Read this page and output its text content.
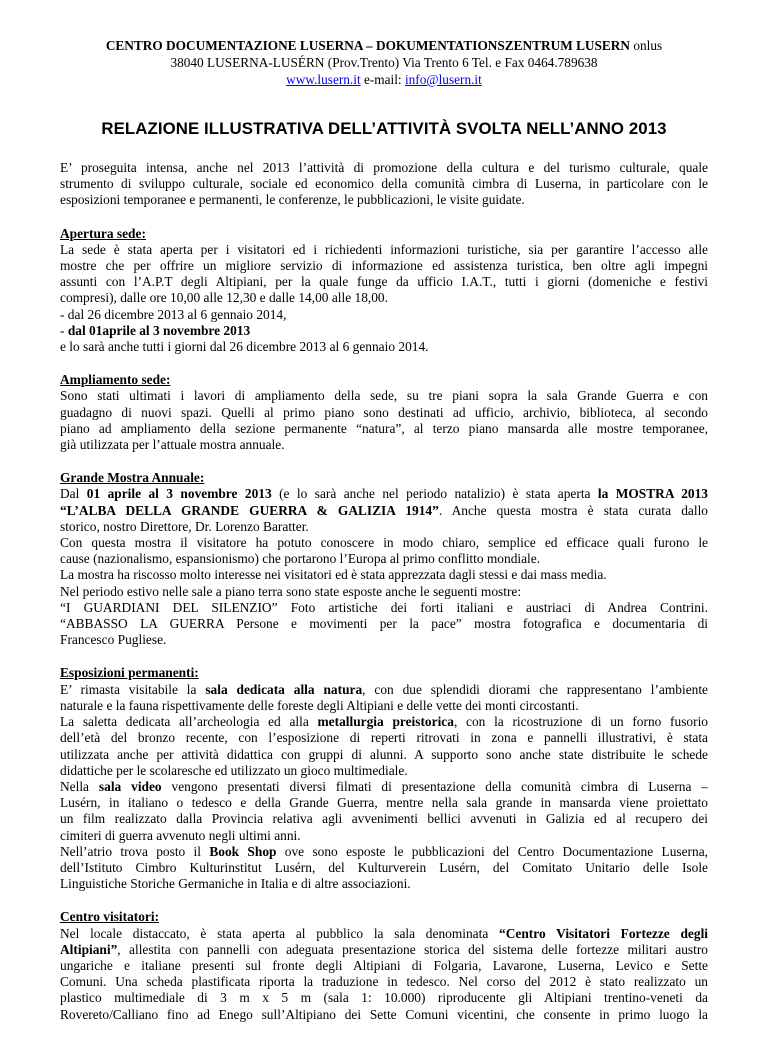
CENTRO DOCUMENTAZIONE LUSERNA – DOKUMENTATIONSZENTRUM LUSERN onlus
38040 LUSERNA-LUSÉRN (Prov.Trento) Via Trento 6 Tel. e Fax 0464.789638
www.lusern.it e-mail: info@lusern.it
RELAZIONE ILLUSTRATIVA DELL’ATTIVITÀ SVOLTA NELL’ANNO 2013
E’ proseguita intensa, anche nel 2013 l’attività di promozione della cultura e del turismo culturale, quale
strumento di sviluppo culturale, sociale ed economico della comunità cimbra di Luserna, in particolare con le
esposizioni temporanee e permanenti, le conferenze, le pubblicazioni, le visite guidate.
Apertura sede:
La sede è stata aperta per i visitatori ed i richiedenti informazioni turistiche, sia per garantire l’accesso alle
mostre che per offrire un migliore servizio di informazione ed assistenza turistica, ben oltre agli impegni
assunti con l’A.P.T degli Altipiani, per la quale funge da ufficio I.A.T., tutti i giorni (domeniche e festivi
compresi), dalle ore 10,00 alle 12,30 e dalle 14,00 alle 18,00.
- dal 26 dicembre 2013 al 6 gennaio 2014,
- dal 01aprile al 3 novembre 2013
e lo sarà anche tutti i giorni dal 26 dicembre 2013 al 6 gennaio 2014.
Ampliamento sede:
Sono stati ultimati i lavori di ampliamento della sede, su tre piani sopra la sala Grande Guerra e con
guadagno di nuovi spazi. Quelli al primo piano sono destinati ad ufficio, archivio, biblioteca, al secondo
piano ad ampliamento della sezione permanente “natura”, al terzo piano mansarda alle mostre temporanee,
già utilizzata per l’attuale mostra annuale.
Grande Mostra Annuale:
Dal 01 aprile al 3 novembre 2013 (e lo sarà anche nel periodo natalizio) è stata aperta la MOSTRA 2013
“L’ALBA DELLA GRANDE GUERRA & GALIZIA 1914”. Anche questa mostra è stata curata dallo
storico, nostro Direttore, Dr. Lorenzo Baratter.
Con questa mostra il visitatore ha potuto conoscere in modo chiaro, semplice ed efficace quali furono le
cause (nazionalismo, espansionismo) che portarono l’Europa al primo conflitto mondiale.
La mostra ha riscosso molto interesse nei visitatori ed è stata apprezzata dagli stessi e dai mass media.
Nel periodo estivo nelle sale a piano terra sono state esposte anche le seguenti mostre:
“I GUARDIANI DEL SILENZIO” Foto artistiche dei forti italiani e austriaci di Andrea Contrini.
“ABBASSO LA GUERRA Persone e movimenti per la pace” mostra fotografica e documentaria di
Francesco Pugliese.
Esposizioni permanenti:
E’ rimasta visitabile la sala dedicata alla natura, con due splendidi diorami che rappresentano l’ambiente
naturale e la fauna rispettivamente delle foreste degli Altipiani e delle vette dei monti circostanti.
La saletta dedicata all’archeologia ed alla metallurgia preistorica, con la ricostruzione di un forno fusorio
dell’età del bronzo recente, con l’esposizione di reperti ritrovati in zona e pannelli illustrativi, è stata
utilizzata anche per attività didattica con gruppi di alunni. A supporto sono anche state distribuite le schede
didattiche per le scolaresche ed utilizzato un gioco multimediale.
Nella sala video vengono presentati diversi filmati di presentazione della comunità cimbra di Luserna –
Lusérn, in italiano o tedesco e della Grande Guerra, mentre nella sala grande in mansarda viene proiettato
un film realizzato dalla Provincia relativa agli avvenimenti bellici avvenuti in Galizia ed al recupero dei
cimiteri di guerra avvenuto negli ultimi anni.
Nell’atrio trova posto il Book Shop ove sono esposte le pubblicazioni del Centro Documentazione Luserna,
dell’Istituto Cimbro Kulturinstitut Lusérn, del Kulturverein Lusérn, del Comitato Unitario delle Isole
Linguistiche Storiche Germaniche in Italia e di altre associazioni.
Centro visitatori:
Nel locale distaccato, è stata aperta al pubblico la sala denominata “Centro Visitatori Fortezze degli
Altipiani”, allestita con pannelli con adeguata presentazione storica del sistema delle fortezze militari austro
ungariche e italiane presenti sul fronte degli Altipiani di Folgaria, Lavarone, Luserna, Levico e Sette
Comuni. Una scheda plastificata riporta la traduzione in tedesco. Nel corso del 2012 è stato realizzato un
plastico multimediale di 3 m x 5 m (sala 1: 10.000) riproducente gli Altipiani trentino-veneti da
Rovereto/Calliano fino ad Enego sull’Altipiano dei Sette Comuni vicentini, che consente in primo luogo la
